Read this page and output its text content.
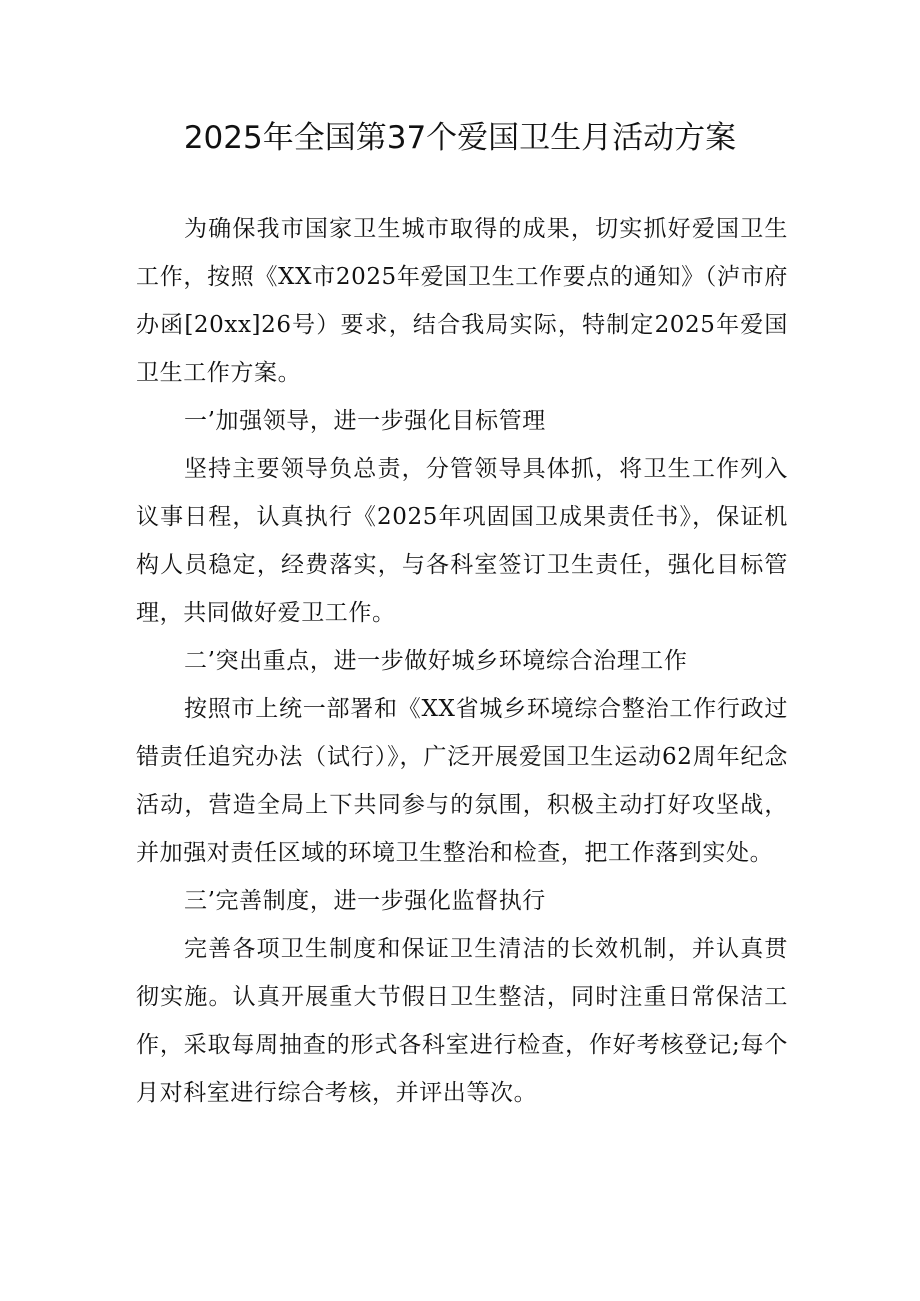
2025年全国第37个爱国卫生月活动方案

为确保我市国家卫生城市取得的成果，切实抓好爱国卫生工作，按照《XX市2025年爱国卫生工作要点的通知》（泸市府办函[20xx]26号）要求，结合我局实际，特制定2025年爱国卫生工作方案。

一’加强领导，进一步强化目标管理

坚持主要领导负总责，分管领导具体抓，将卫生工作列入议事日程，认真执行《2025年巩固国卫成果责任书》，保证机构人员稳定，经费落实，与各科室签订卫生责任，强化目标管理，共同做好爱卫工作。

二’突出重点，进一步做好城乡环境综合治理工作

按照市上统一部署和《XX省城乡环境综合整治工作行政过错责任追究办法（试行）》，广泛开展爱国卫生运动62周年纪念活动，营造全局上下共同参与的氛围，积极主动打好攻坚战，并加强对责任区域的环境卫生整治和检查，把工作落到实处。

三’完善制度，进一步强化监督执行

完善各项卫生制度和保证卫生清洁的长效机制，并认真贯彻实施。认真开展重大节假日卫生整洁，同时注重日常保洁工作，采取每周抽查的形式各科室进行检查，作好考核登记;每个月对科室进行综合考核，并评出等次。
